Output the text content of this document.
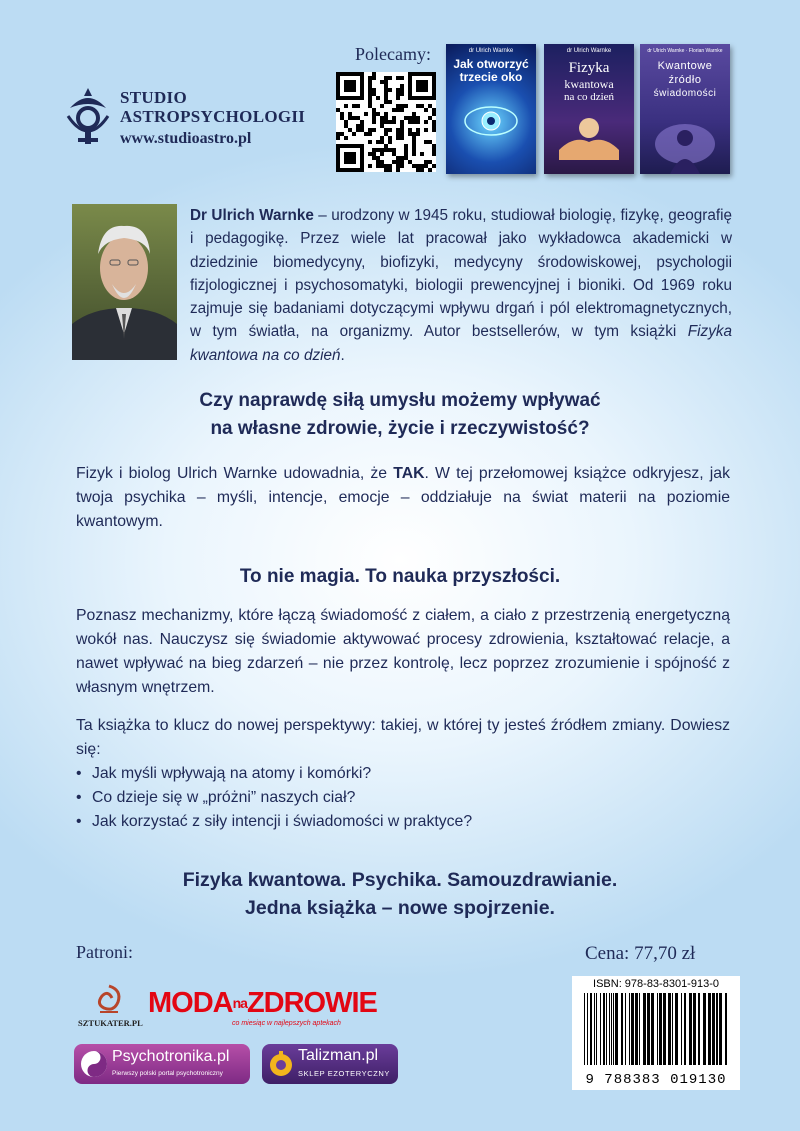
STUDIO
ASTROPSYCHOLOGII
www.studioastro.pl
Polecamy:	dr Ulrich Warnke
Jak otworzyć trzecie oko
dr Ulrich Warnke
Fizyka
kwantowa
na co dzień
dr Ulrich Warnke · Florian Warnke
Kwantowe
źródło
świadomości
Dr Ulrich Warnke – urodzony w 1945 roku, studiował biologię, fizykę, geografię i pedagogikę. Przez wiele lat pracował jako wykładowca akademicki w dziedzinie biomedycyny, biofizyki, medycyny środowiskowej, psychologii fizjologicznej i psychosomatyki, biologii prewencyjnej i bioniki. Od 1969 roku zajmuje się badaniami dotyczącymi wpływu drgań i pól elektromagnetycznych, w tym światła, na organizmy. Autor bestsellerów, w tym książki Fizyka kwantowa na co dzień.
Czy naprawdę siłą umysłu możemy wpływać
na własne zdrowie, życie i rzeczywistość?
Fizyk i biolog Ulrich Warnke udowadnia, że TAK. W tej przełomowej książce odkryjesz, jak twoja psychika – myśli, intencje, emocje – oddziałuje na świat materii na poziomie kwantowym.
To nie magia. To nauka przyszłości.
Poznasz mechanizmy, które łączą świadomość z ciałem, a ciało z przestrzenią energetyczną wokół nas. Nauczysz się świadomie aktywować procesy zdrowienia, kształtować relacje, a nawet wpływać na bieg zdarzeń – nie przez kontrolę, lecz poprzez zrozumienie i spójność z własnym wnętrzem.
Ta książka to klucz do nowej perspektywy: takiej, w której ty jesteś źródłem zmiany. Dowiesz się:
• Jak myśli wpływają na atomy i komórki?
• Co dzieje się w „próżni” naszych ciał?
• Jak korzystać z siły intencji i świadomości w praktyce?
Fizyka kwantowa. Psychika. Samouzdrawianie.
Jedna książka – nowe spojrzenie.
Patroni:	Cena: 77,70 zł
ISBN: 978-83-8301-913-0
9 788383 019130
SZTUKATER.PL
$MODA^{na}ZDROWIE$
co miesiąc w najlepszych aptekach
Psychotronika.pl
Pierwszy polski portal psychotroniczny
Talizman.pl
SKLEP EZOTERYCZNY
